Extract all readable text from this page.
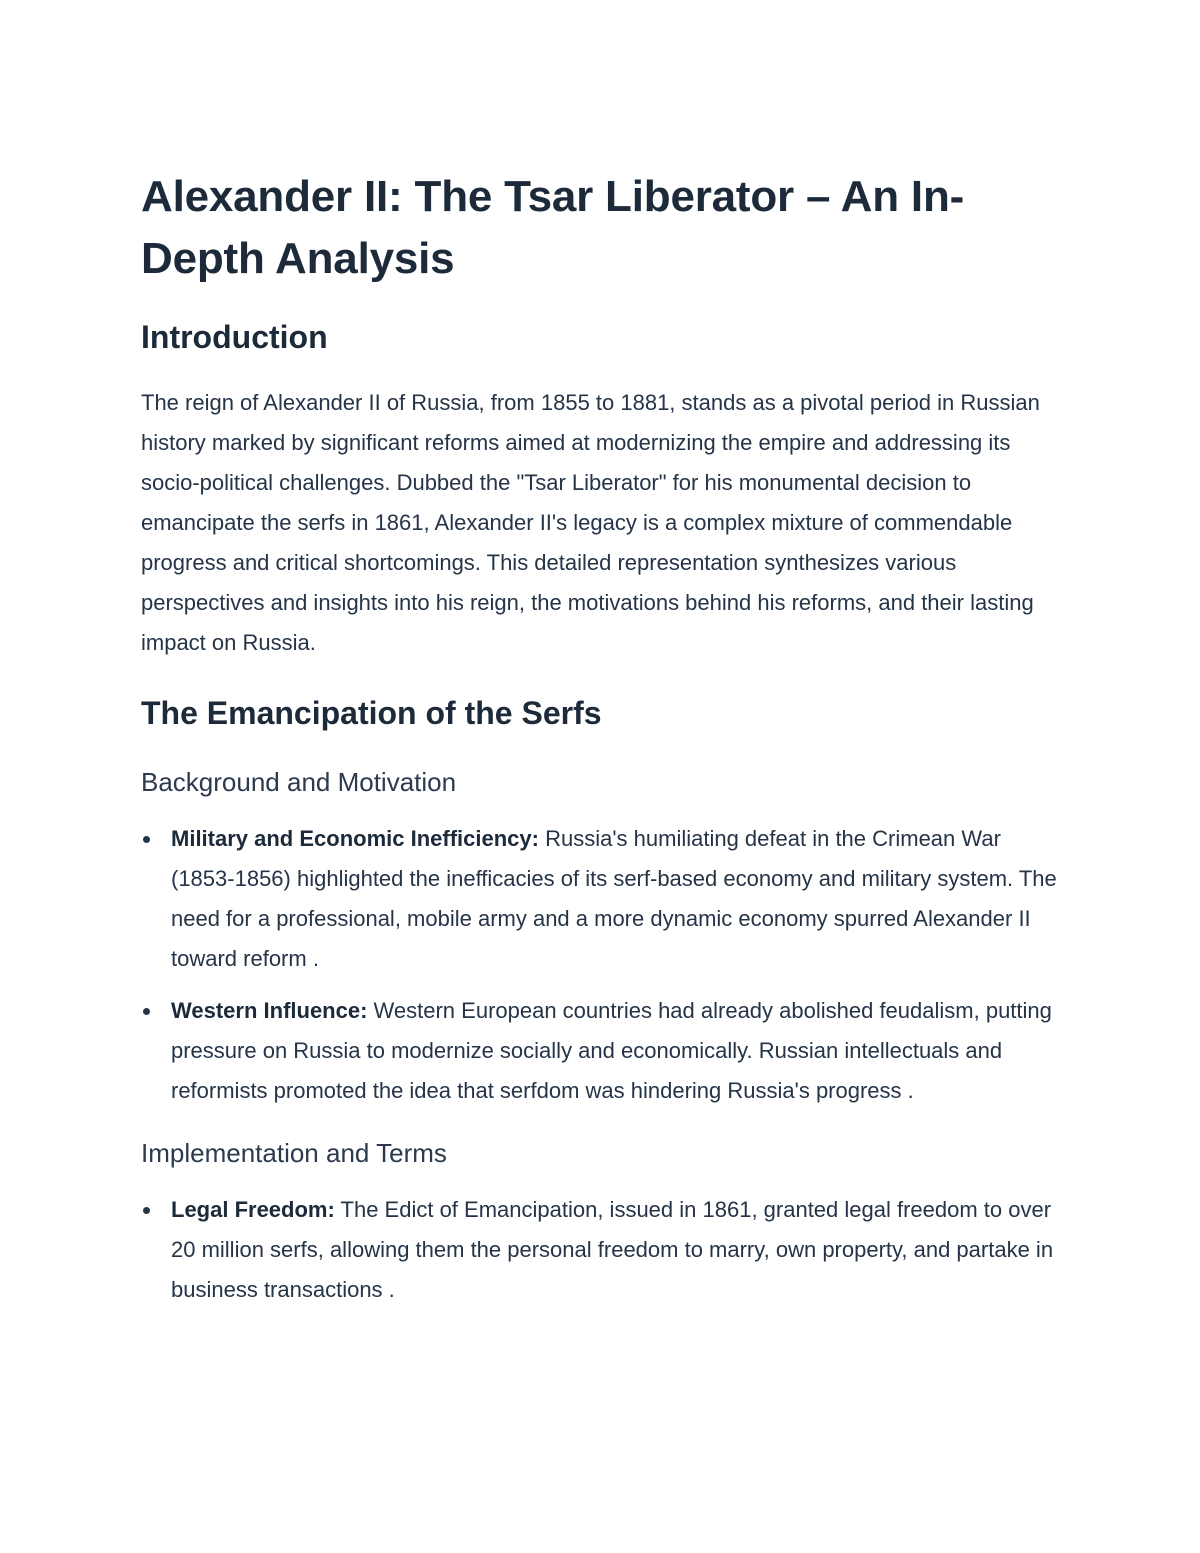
Alexander II: The Tsar Liberator – An In-Depth Analysis
Introduction

The reign of Alexander II of Russia, from 1855 to 1881, stands as a pivotal period in Russian history marked by significant reforms aimed at modernizing the empire and addressing its socio-political challenges. Dubbed the "Tsar Liberator" for his monumental decision to emancipate the serfs in 1861, Alexander II's legacy is a complex mixture of commendable progress and critical shortcomings. This detailed representation synthesizes various perspectives and insights into his reign, the motivations behind his reforms, and their lasting impact on Russia.

The Emancipation of the Serfs
Background and Motivation
Military and Economic Inefficiency: Russia's humiliating defeat in the Crimean War (1853-1856) highlighted the inefficacies of its serf-based economy and military system. The need for a professional, mobile army and a more dynamic economy spurred Alexander II toward reform .
Western Influence: Western European countries had already abolished feudalism, putting pressure on Russia to modernize socially and economically. Russian intellectuals and reformists promoted the idea that serfdom was hindering Russia's progress .
Implementation and Terms
Legal Freedom: The Edict of Emancipation, issued in 1861, granted legal freedom to over 20 million serfs, allowing them the personal freedom to marry, own property, and partake in business transactions .
